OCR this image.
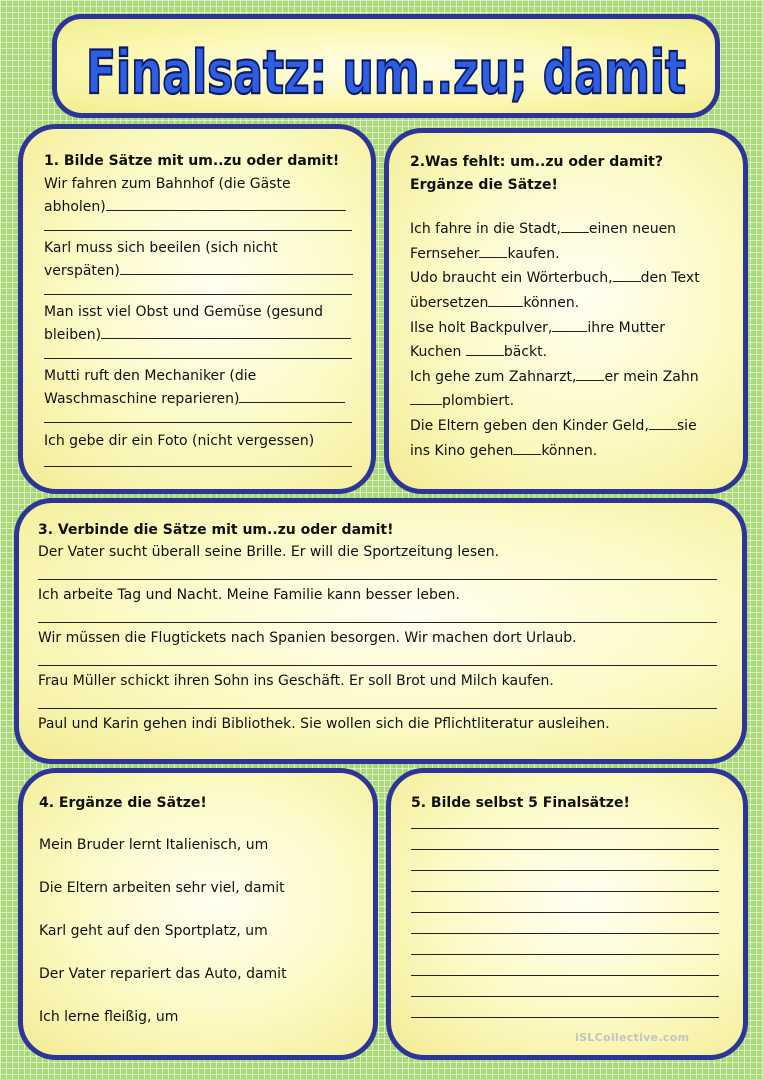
Finalsatz: um..zu; damit

1. Bilde Sätze mit um..zu oder damit!

Wir fahren zum Bahnhof (die Gäste

abholen)

Karl muss sich beeilen (sich nicht

verspäten)

Man isst viel Obst und Gemüse (gesund

bleiben)

Mutti ruft den Mechaniker (die

Waschmaschine reparieren)

Ich gebe dir ein Foto (nicht vergessen)

2.Was fehlt: um..zu oder damit?

Ergänze die Sätze!

Ich fahre in die Stadt, einen neuen

Fernseher kaufen.

Udo braucht ein Wörterbuch, den Text

übersetzen	können.

Ilse holt Backpulver,	ihre Mutter

Kuchen	bäckt.

Ich gehe zum Zahnarzt, er mein Zahn

plombiert.

Die Eltern geben den Kinder Geld, sie

ins Kino gehen können.

3. Verbinde die Sätze mit um..zu oder damit!

Der Vater sucht überall seine Brille. Er will die Sportzeitung lesen.

Ich arbeite Tag und Nacht. Meine Familie kann besser leben.

Wir müssen die Flugtickets nach Spanien besorgen. Wir machen dort Urlaub.

Frau Müller schickt ihren Sohn ins Geschäft. Er soll Brot und Milch kaufen.

Paul und Karin gehen indi Bibliothek. Sie wollen sich die Pflichtliteratur ausleihen.

4. Ergänze die Sätze!

Mein Bruder lernt Italienisch, um

Die Eltern arbeiten sehr viel, damit

Karl geht auf den Sportplatz, um

Der Vater repariert das Auto, damit

Ich lerne fleißig, um

5. Bilde selbst 5 Finalsätze!

iSLCollective.com
